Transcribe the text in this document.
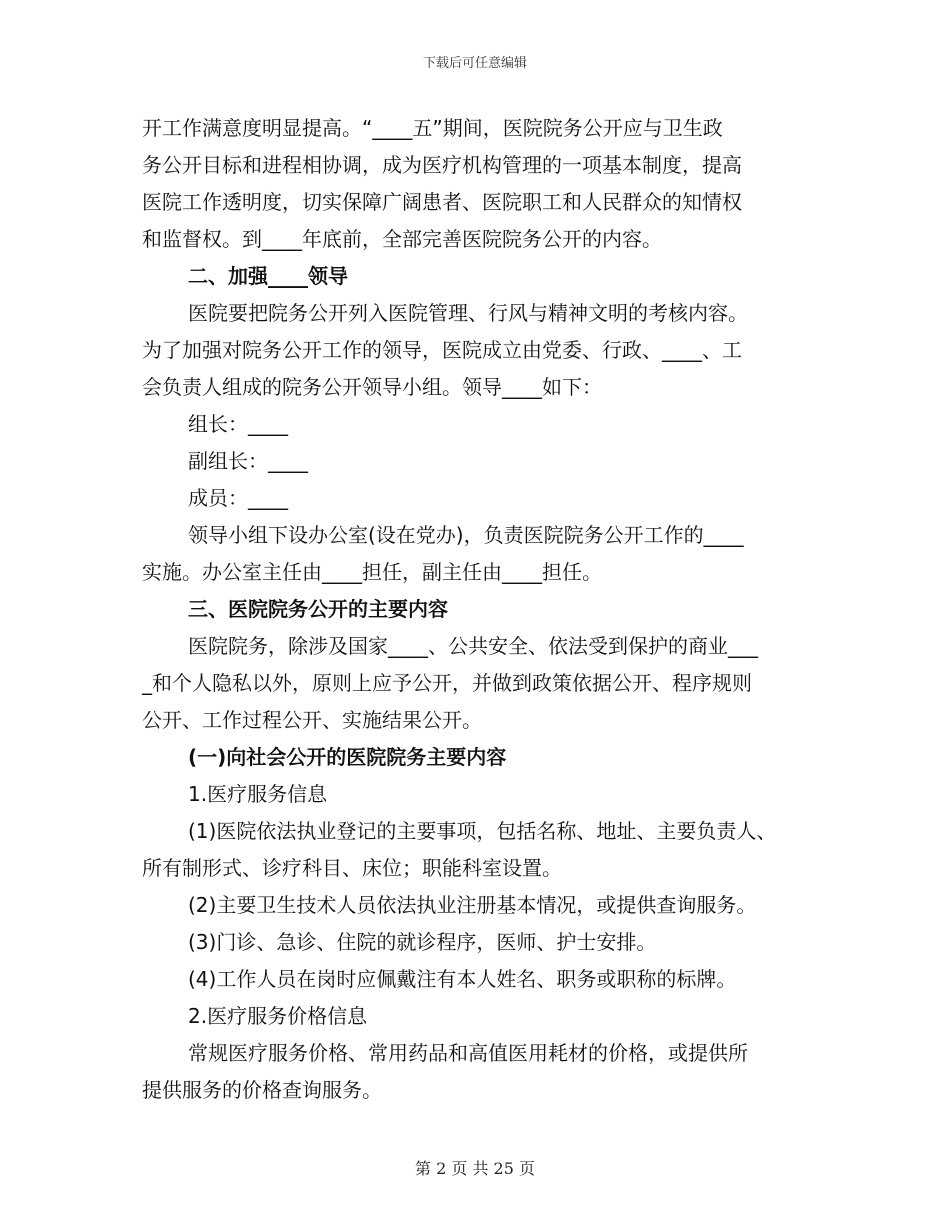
下载后可任意编辑
开工作满意度明显提高。“____五”期间，医院院务公开应与卫生政
务公开目标和进程相协调，成为医疗机构管理的一项基本制度，提高
医院工作透明度，切实保障广阔患者、医院职工和人民群众的知情权
和监督权。到____年底前，全部完善医院院务公开的内容。
二、加强____领导
医院要把院务公开列入医院管理、行风与精神文明的考核内容。
为了加强对院务公开工作的领导，医院成立由党委、行政、____、工
会负责人组成的院务公开领导小组。领导____如下：
组长：____
副组长：____
成员：____
领导小组下设办公室(设在党办)，负责医院院务公开工作的____
实施。办公室主任由____担任，副主任由____担任。
三、医院院务公开的主要内容
医院院务，除涉及国家____、公共安全、依法受到保护的商业___
_和个人隐私以外，原则上应予公开，并做到政策依据公开、程序规则
公开、工作过程公开、实施结果公开。
(一)向社会公开的医院院务主要内容
1.医疗服务信息
(1)医院依法执业登记的主要事项，包括名称、地址、主要负责人、
所有制形式、诊疗科目、床位；职能科室设置。
(2)主要卫生技术人员依法执业注册基本情况，或提供查询服务。
(3)门诊、急诊、住院的就诊程序，医师、护士安排。
(4)工作人员在岗时应佩戴注有本人姓名、职务或职称的标牌。
2.医疗服务价格信息
常规医疗服务价格、常用药品和高值医用耗材的价格，或提供所
提供服务的价格查询服务。
第 2 页 共 25 页
